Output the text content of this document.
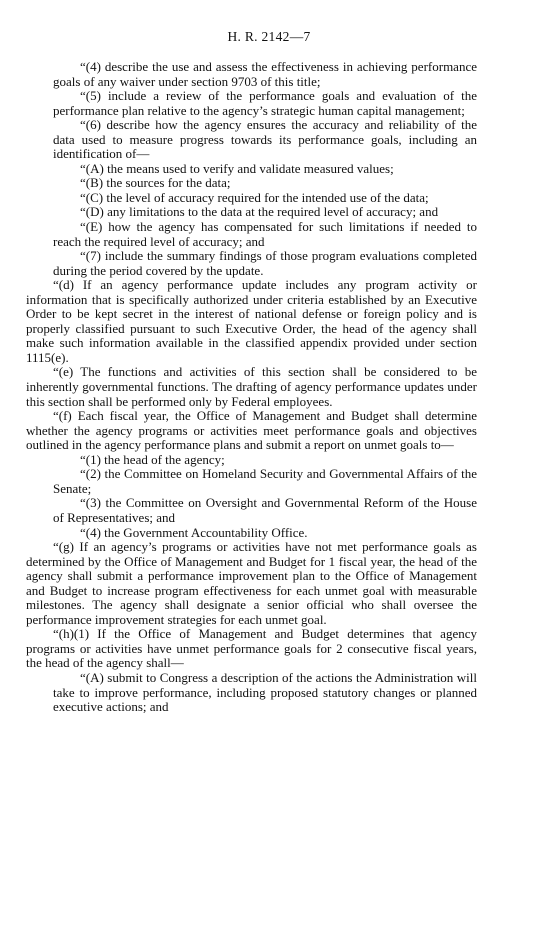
H. R. 2142—7

“(4) describe the use and assess the effectiveness in achieving performance goals of any waiver under section 9703 of this title;

“(5) include a review of the performance goals and evaluation of the performance plan relative to the agency’s strategic human capital management;

“(6) describe how the agency ensures the accuracy and reliability of the data used to measure progress towards its performance goals, including an identification of—

“(A) the means used to verify and validate measured values;

“(B) the sources for the data;

“(C) the level of accuracy required for the intended use of the data;

“(D) any limitations to the data at the required level of accuracy; and

“(E) how the agency has compensated for such limitations if needed to reach the required level of accuracy; and

“(7) include the summary findings of those program evaluations completed during the period covered by the update.

“(d) If an agency performance update includes any program activity or information that is specifically authorized under criteria established by an Executive Order to be kept secret in the interest of national defense or foreign policy and is properly classified pursuant to such Executive Order, the head of the agency shall make such information available in the classified appendix provided under section 1115(e).

“(e) The functions and activities of this section shall be considered to be inherently governmental functions. The drafting of agency performance updates under this section shall be performed only by Federal employees.

“(f) Each fiscal year, the Office of Management and Budget shall determine whether the agency programs or activities meet performance goals and objectives outlined in the agency performance plans and submit a report on unmet goals to—

“(1) the head of the agency;

“(2) the Committee on Homeland Security and Governmental Affairs of the Senate;

“(3) the Committee on Oversight and Governmental Reform of the House of Representatives; and

“(4) the Government Accountability Office.

“(g) If an agency’s programs or activities have not met performance goals as determined by the Office of Management and Budget for 1 fiscal year, the head of the agency shall submit a performance improvement plan to the Office of Management and Budget to increase program effectiveness for each unmet goal with measurable milestones. The agency shall designate a senior official who shall oversee the performance improvement strategies for each unmet goal.

“(h)(1) If the Office of Management and Budget determines that agency programs or activities have unmet performance goals for 2 consecutive fiscal years, the head of the agency shall—

“(A) submit to Congress a description of the actions the Administration will take to improve performance, including proposed statutory changes or planned executive actions; and
